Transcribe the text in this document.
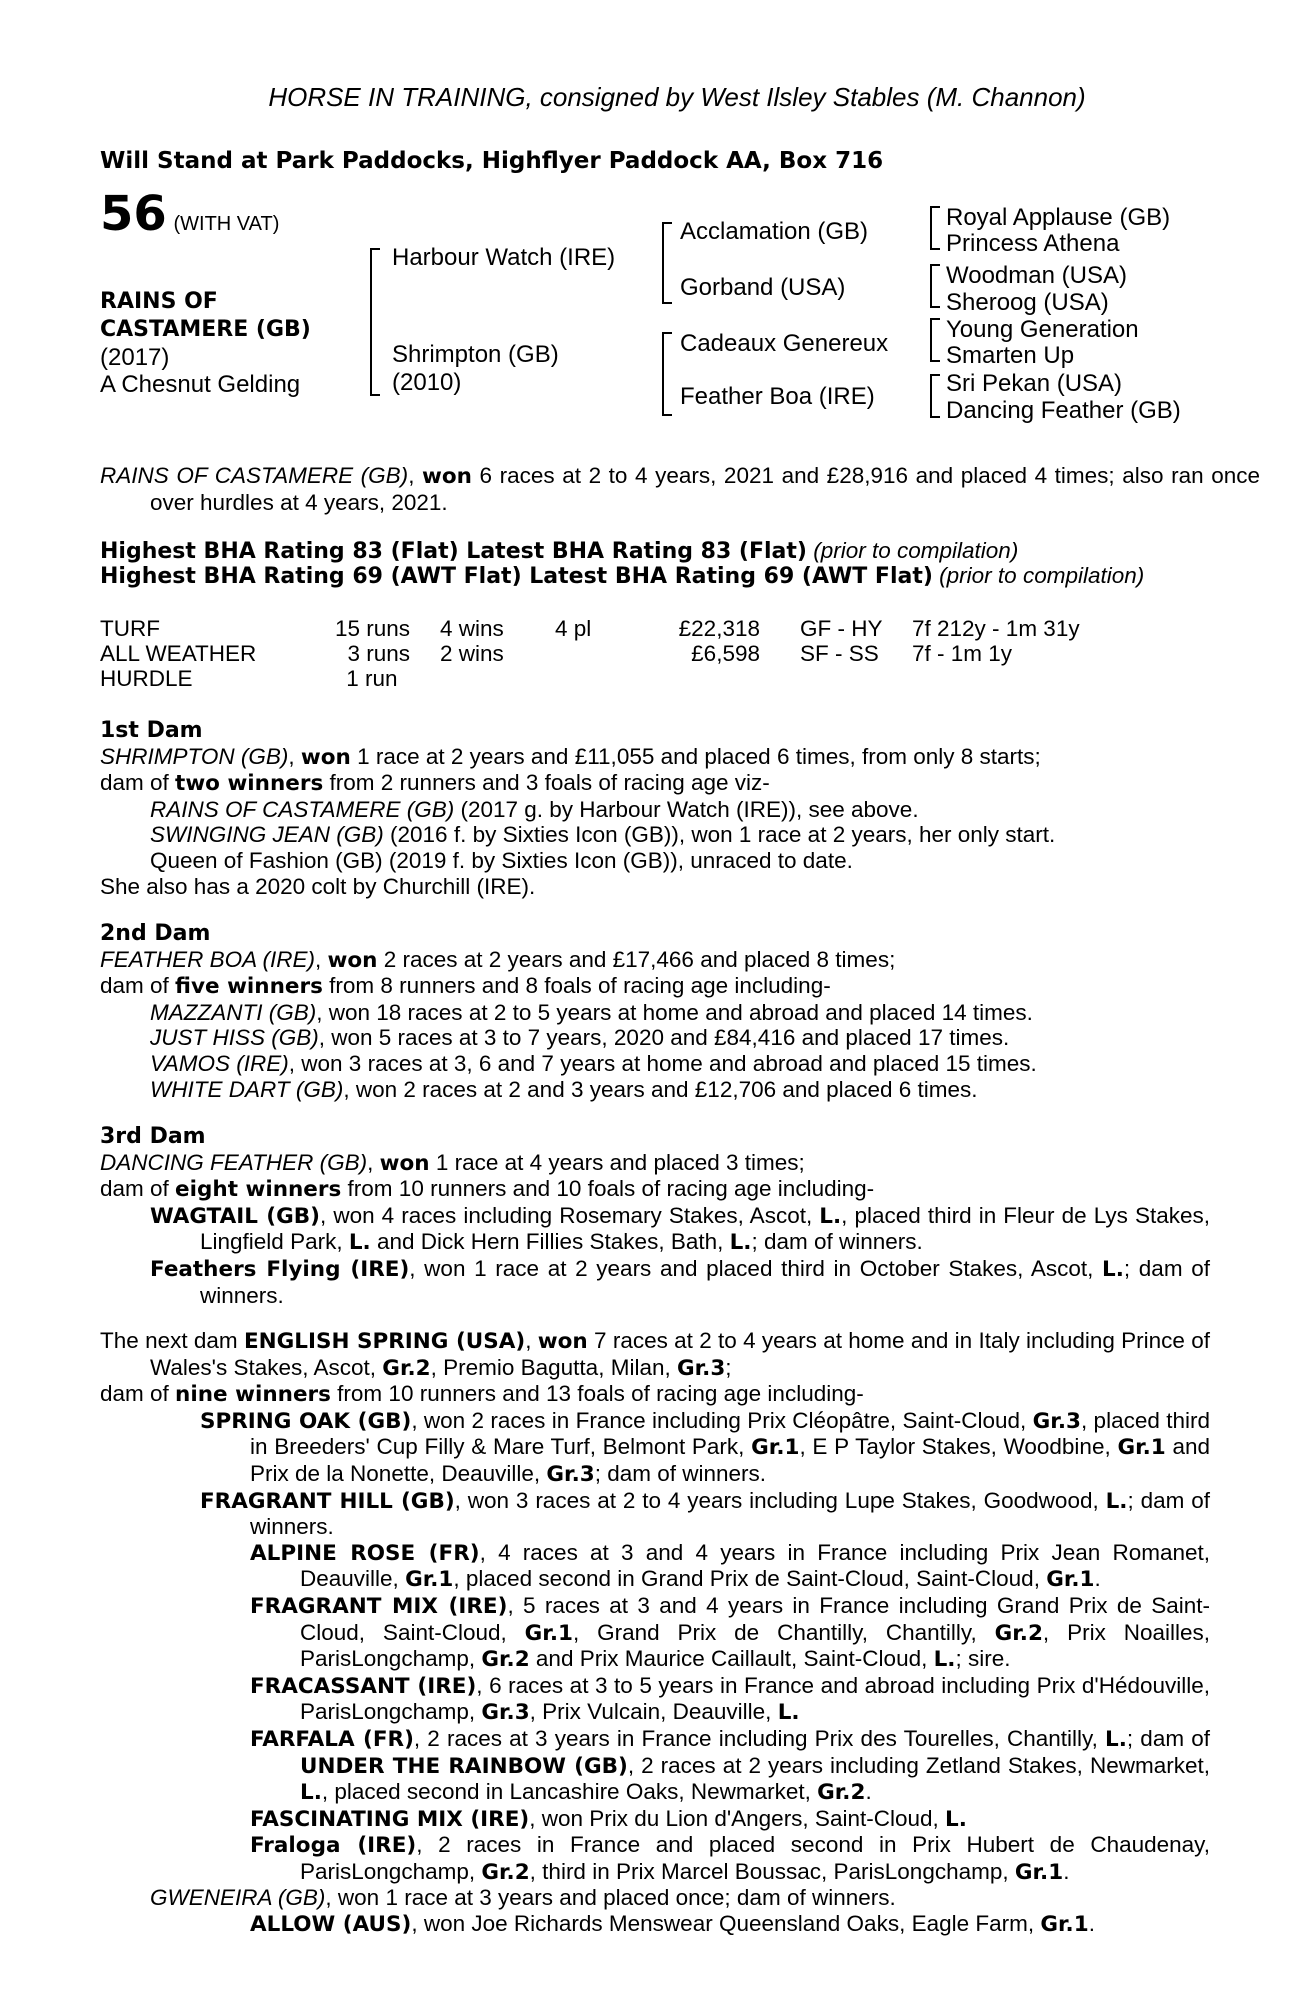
HORSE IN TRAINING, consigned by West Ilsley Stables (M. Channon)
Will Stand at Park Paddocks, Highflyer Paddock AA, Box 716
56 (WITH VAT)
RAINS OF
CASTAMERE (GB)
(2017)
A Chesnut Gelding
Harbour Watch (IRE)
Shrimpton (GB)
(2010)
Acclamation (GB)
Gorband (USA)
Cadeaux Genereux
Feather Boa (IRE)
Royal Applause (GB)
Princess Athena
Woodman (USA)
Sheroog (USA)
Young Generation
Smarten Up
Sri Pekan (USA)
Dancing Feather (GB)
RAINS OF CASTAMERE (GB), won 6 races at 2 to 4 years, 2021 and £28,916 and placed 4 times; also ran once over hurdles at 4 years, 2021.
Highest BHA Rating 83 (Flat) Latest BHA Rating 83 (Flat) (prior to compilation)
Highest BHA Rating 69 (AWT Flat) Latest BHA Rating 69 (AWT Flat) (prior to compilation)
TURF	15 runs 4 wins 4 pl	£22,318 GF - HY 7f 212y - 1m 31y
ALL WEATHER	3 runs 2 wins	£6,598 SF - SS 7f - 1m 1y
HURDLE	1 run
1st Dam
SHRIMPTON (GB), won 1 race at 2 years and £11,055 and placed 6 times, from only 8 starts;
dam of two winners from 2 runners and 3 foals of racing age viz-
RAINS OF CASTAMERE (GB) (2017 g. by Harbour Watch (IRE)), see above.
SWINGING JEAN (GB) (2016 f. by Sixties Icon (GB)), won 1 race at 2 years, her only start.
Queen of Fashion (GB) (2019 f. by Sixties Icon (GB)), unraced to date.
She also has a 2020 colt by Churchill (IRE).
2nd Dam
FEATHER BOA (IRE), won 2 races at 2 years and £17,466 and placed 8 times;
dam of five winners from 8 runners and 8 foals of racing age including-
MAZZANTI (GB), won 18 races at 2 to 5 years at home and abroad and placed 14 times.
JUST HISS (GB), won 5 races at 3 to 7 years, 2020 and £84,416 and placed 17 times.
VAMOS (IRE), won 3 races at 3, 6 and 7 years at home and abroad and placed 15 times.
WHITE DART (GB), won 2 races at 2 and 3 years and £12,706 and placed 6 times.
3rd Dam
DANCING FEATHER (GB), won 1 race at 4 years and placed 3 times;
dam of eight winners from 10 runners and 10 foals of racing age including-
WAGTAIL (GB), won 4 races including Rosemary Stakes, Ascot, L., placed third in Fleur de Lys Stakes, Lingfield Park, L. and Dick Hern Fillies Stakes, Bath, L.; dam of winners.
Feathers Flying (IRE), won 1 race at 2 years and placed third in October Stakes, Ascot, L.; dam of winners.
The next dam ENGLISH SPRING (USA), won 7 races at 2 to 4 years at home and in Italy including Prince of Wales's Stakes, Ascot, Gr.2, Premio Bagutta, Milan, Gr.3;
dam of nine winners from 10 runners and 13 foals of racing age including-
SPRING OAK (GB), won 2 races in France including Prix Cléopâtre, Saint-Cloud, Gr.3, placed third in Breeders' Cup Filly & Mare Turf, Belmont Park, Gr.1, E P Taylor Stakes, Woodbine, Gr.1 and Prix de la Nonette, Deauville, Gr.3; dam of winners.
FRAGRANT HILL (GB), won 3 races at 2 to 4 years including Lupe Stakes, Goodwood, L.; dam of winners.
ALPINE ROSE (FR), 4 races at 3 and 4 years in France including Prix Jean Romanet, Deauville, Gr.1, placed second in Grand Prix de Saint-Cloud, Saint-Cloud, Gr.1.
FRAGRANT MIX (IRE), 5 races at 3 and 4 years in France including Grand Prix de Saint-Cloud, Saint-Cloud, Gr.1, Grand Prix de Chantilly, Chantilly, Gr.2, Prix Noailles, ParisLongchamp, Gr.2 and Prix Maurice Caillault, Saint-Cloud, L.; sire.
FRACASSANT (IRE), 6 races at 3 to 5 years in France and abroad including Prix d'Hédouville, ParisLongchamp, Gr.3, Prix Vulcain, Deauville, L.
FARFALA (FR), 2 races at 3 years in France including Prix des Tourelles, Chantilly, L.; dam of UNDER THE RAINBOW (GB), 2 races at 2 years including Zetland Stakes, Newmarket, L., placed second in Lancashire Oaks, Newmarket, Gr.2.
FASCINATING MIX (IRE), won Prix du Lion d'Angers, Saint-Cloud, L.
Fraloga (IRE), 2 races in France and placed second in Prix Hubert de Chaudenay, ParisLongchamp, Gr.2, third in Prix Marcel Boussac, ParisLongchamp, Gr.1.
GWENEIRA (GB), won 1 race at 3 years and placed once; dam of winners.
ALLOW (AUS), won Joe Richards Menswear Queensland Oaks, Eagle Farm, Gr.1.
